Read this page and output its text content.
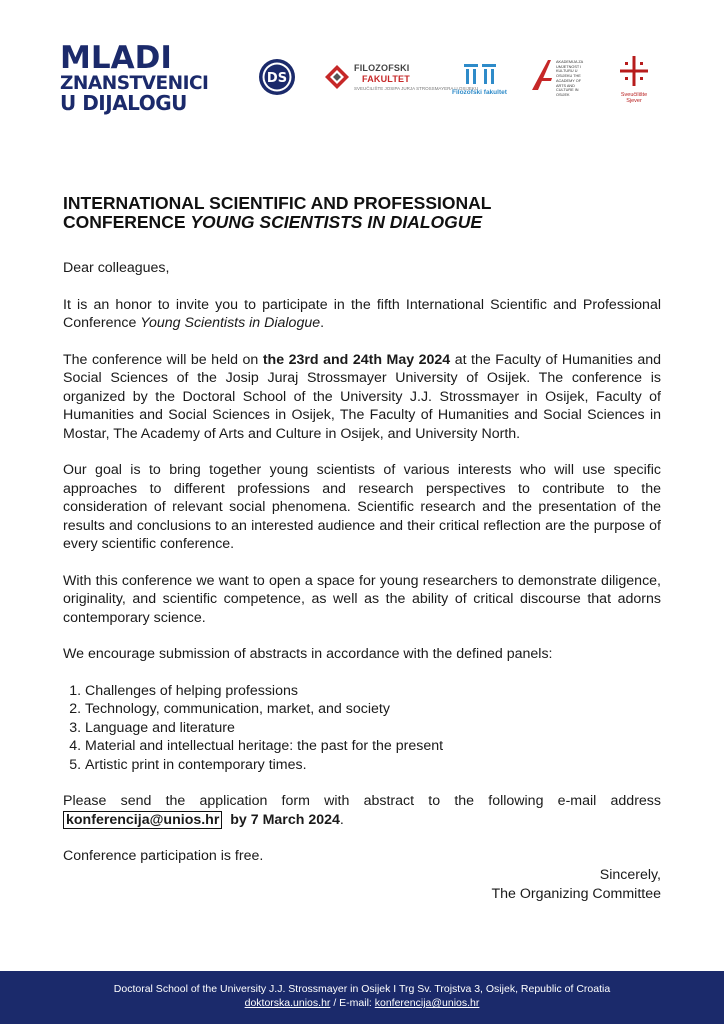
MLADI
ZNANSTVENICI
U DIJALOGU
DS
FILOZOFSKI
FAKULTET
SVEUČILIŠTE JOSIPA JURJA STROSSMAYERA U OSIJEKU
Filozofski fakultet
AKADEMIJA ZA UMJETNOST I KULTURU U OSIJEKU THE ACADEMY OF ARTS AND CULTURE IN OSIJEK	Sveučilište
Sjever
INTERNATIONAL SCIENTIFIC AND PROFESSIONAL
CONFERENCE YOUNG SCIENTISTS IN DIALOGUE

Dear colleagues,

It is an honor to invite you to participate in the fifth International Scientific and Professional Conference Young Scientists in Dialogue.

The conference will be held on the 23rd and 24th May 2024 at the Faculty of Humanities and Social Sciences of the Josip Juraj Strossmayer University of Osijek. The conference is organized by the Doctoral School of the University J.J. Strossmayer in Osijek, Faculty of Humanities and Social Sciences in Osijek, The Faculty of Humanities and Social Sciences in Mostar, The Academy of Arts and Culture in Osijek, and University North.

Our goal is to bring together young scientists of various interests who will use specific approaches to different professions and research perspectives to contribute to the consideration of relevant social phenomena. Scientific research and the presentation of the results and conclusions to an interested audience and their critical reflection are the purpose of every scientific conference.

With this conference we want to open a space for young researchers to demonstrate diligence, originality, and scientific competence, as well as the ability of critical discourse that adorns contemporary science.

We encourage submission of abstracts in accordance with the defined panels:

1. Challenges of helping professions
2. Technology, communication, market, and society
3. Language and literature
4. Material and intellectual heritage: the past for the present
5. Artistic print in contemporary times.

Please send the application form with abstract to the following e-mail address konferencija@unios.hr by 7 March 2024.

Conference participation is free.
Sincerely,
The Organizing Committee
Doctoral School of the University J.J. Strossmayer in Osijek I Trg Sv. Trojstva 3, Osijek, Republic of Croatia
doktorska.unios.hr / E-mail: konferencija@unios.hr
